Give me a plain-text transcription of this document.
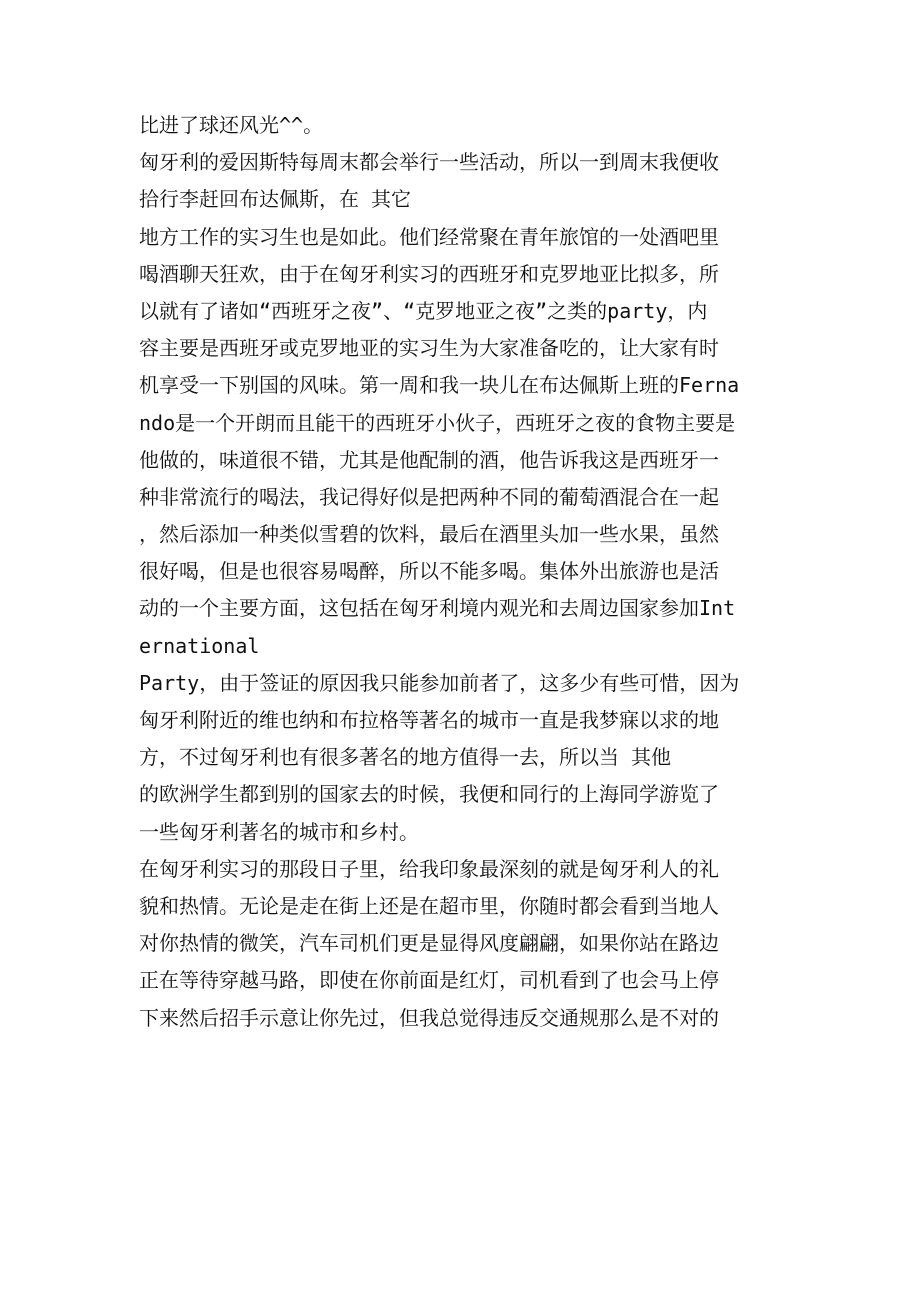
比进了球还风光^^。
匈牙利的爱因斯特每周末都会举行一些活动，所以一到周末我便收
拾行李赶回布达佩斯，在 其它
地方工作的实习生也是如此。他们经常聚在青年旅馆的一处酒吧里
喝酒聊天狂欢，由于在匈牙利实习的西班牙和克罗地亚比拟多，所
以就有了诸如“西班牙之夜”、“克罗地亚之夜”之类的party，内
容主要是西班牙或克罗地亚的实习生为大家准备吃的，让大家有时
机享受一下别国的风味。第一周和我一块儿在布达佩斯上班的Ferna
ndo是一个开朗而且能干的西班牙小伙子，西班牙之夜的食物主要是
他做的，味道很不错，尤其是他配制的酒，他告诉我这是西班牙一
种非常流行的喝法，我记得好似是把两种不同的葡萄酒混合在一起
，然后添加一种类似雪碧的饮料，最后在酒里头加一些水果，虽然
很好喝，但是也很容易喝醉，所以不能多喝。集体外出旅游也是活
动的一个主要方面，这包括在匈牙利境内观光和去周边国家参加Int
ernational
Party，由于签证的原因我只能参加前者了，这多少有些可惜，因为
匈牙利附近的维也纳和布拉格等著名的城市一直是我梦寐以求的地
方，不过匈牙利也有很多著名的地方值得一去，所以当 其他
的欧洲学生都到别的国家去的时候，我便和同行的上海同学游览了
一些匈牙利著名的城市和乡村。
在匈牙利实习的那段日子里，给我印象最深刻的就是匈牙利人的礼
貌和热情。无论是走在街上还是在超市里，你随时都会看到当地人
对你热情的微笑，汽车司机们更是显得风度翩翩，如果你站在路边
正在等待穿越马路，即使在你前面是红灯，司机看到了也会马上停
下来然后招手示意让你先过，但我总觉得违反交通规那么是不对的
